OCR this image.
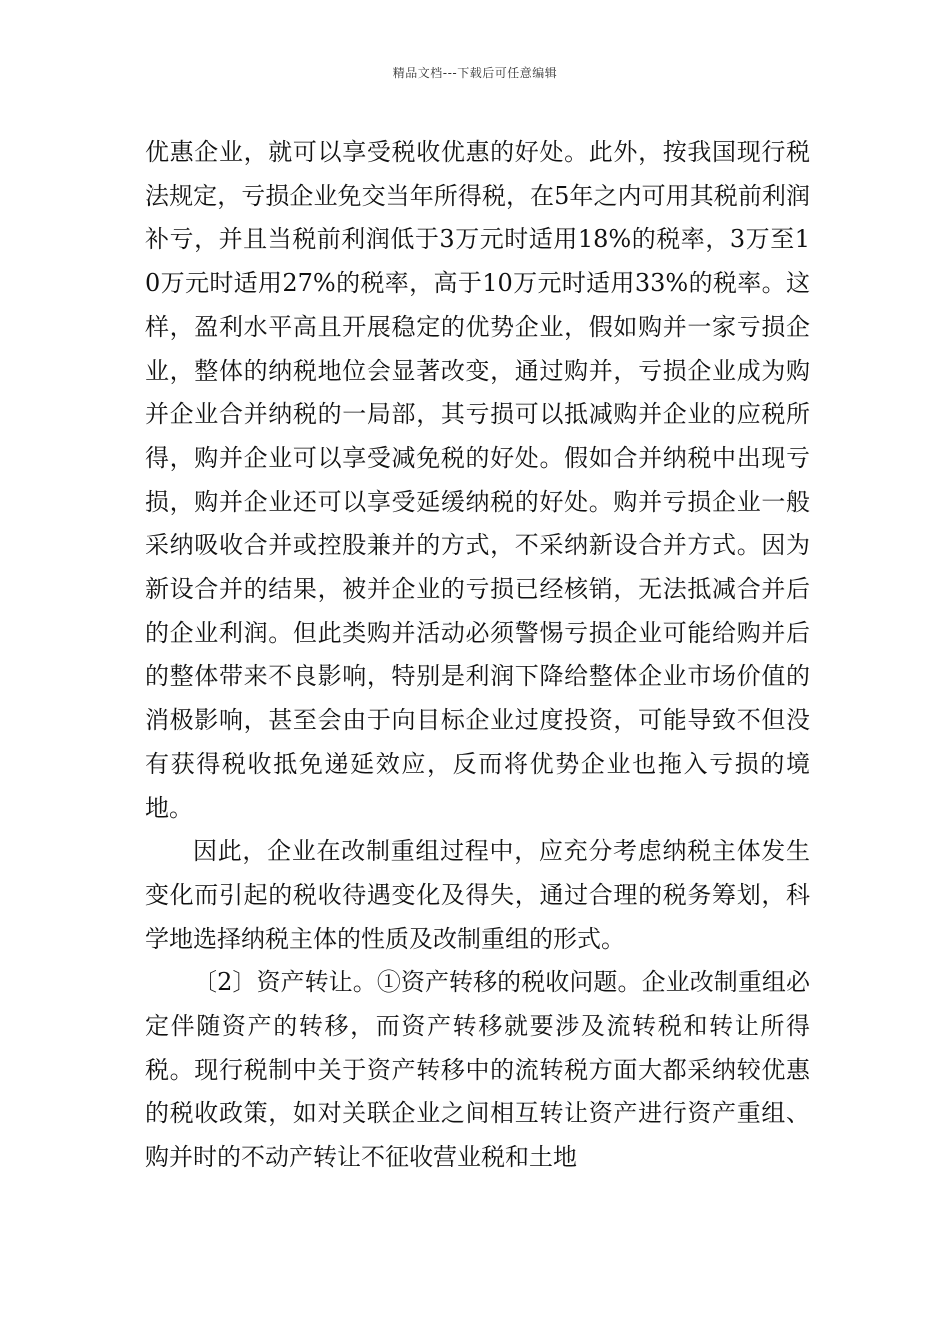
精品文档---下载后可任意编辑

优惠企业，就可以享受税收优惠的好处。此外，按我国现行税法规定，亏损企业免交当年所得税，在5年之内可用其税前利润补亏，并且当税前利润低于3万元时适用18%的税率，3万至10万元时适用27%的税率，高于10万元时适用33%的税率。这样，盈利水平高且开展稳定的优势企业，假如购并一家亏损企业，整体的纳税地位会显著改变，通过购并，亏损企业成为购并企业合并纳税的一局部，其亏损可以抵减购并企业的应税所得，购并企业可以享受减免税的好处。假如合并纳税中出现亏损，购并企业还可以享受延缓纳税的好处。购并亏损企业一般采纳吸收合并或控股兼并的方式，不采纳新设合并方式。因为新设合并的结果，被并企业的亏损已经核销，无法抵减合并后的企业利润。但此类购并活动必须警惕亏损企业可能给购并后的整体带来不良影响，特别是利润下降给整体企业市场价值的消极影响，甚至会由于向目标企业过度投资，可能导致不但没有获得税收抵免递延效应，反而将优势企业也拖入亏损的境地。

因此，企业在改制重组过程中，应充分考虑纳税主体发生变化而引起的税收待遇变化及得失，通过合理的税务筹划，科学地选择纳税主体的性质及改制重组的形式。

〔2〕资产转让。①资产转移的税收问题。企业改制重组必定伴随资产的转移，而资产转移就要涉及流转税和转让所得税。现行税制中关于资产转移中的流转税方面大都采纳较优惠的税收政策，如对关联企业之间相互转让资产进行资产重组、购并时的不动产转让不征收营业税和土地
